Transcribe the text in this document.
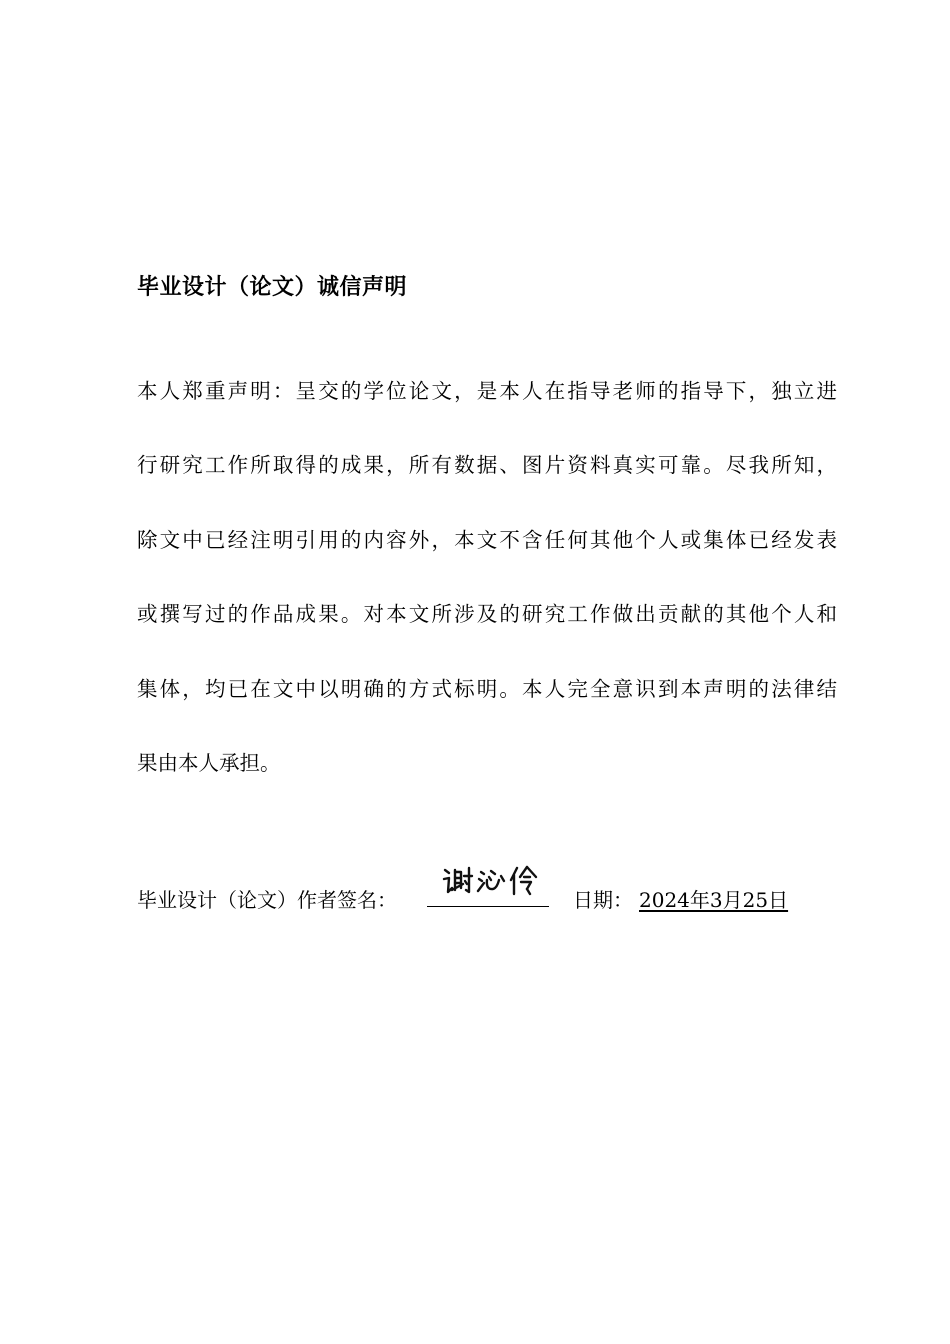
毕业设计（论文）诚信声明
本人郑重声明：呈交的学位论文，是本人在指导老师的指导下，独立进
行研究工作所取得的成果，所有数据、图片资料真实可靠。尽我所知，
除文中已经注明引用的内容外，本文不含任何其他个人或集体已经发表
或撰写过的作品成果。对本文所涉及的研究工作做出贡献的其他个人和
集体，均已在文中以明确的方式标明。本人完全意识到本声明的法律结
果由本人承担。
毕业设计（论文）作者签名：	日期： 2024年3月25日
